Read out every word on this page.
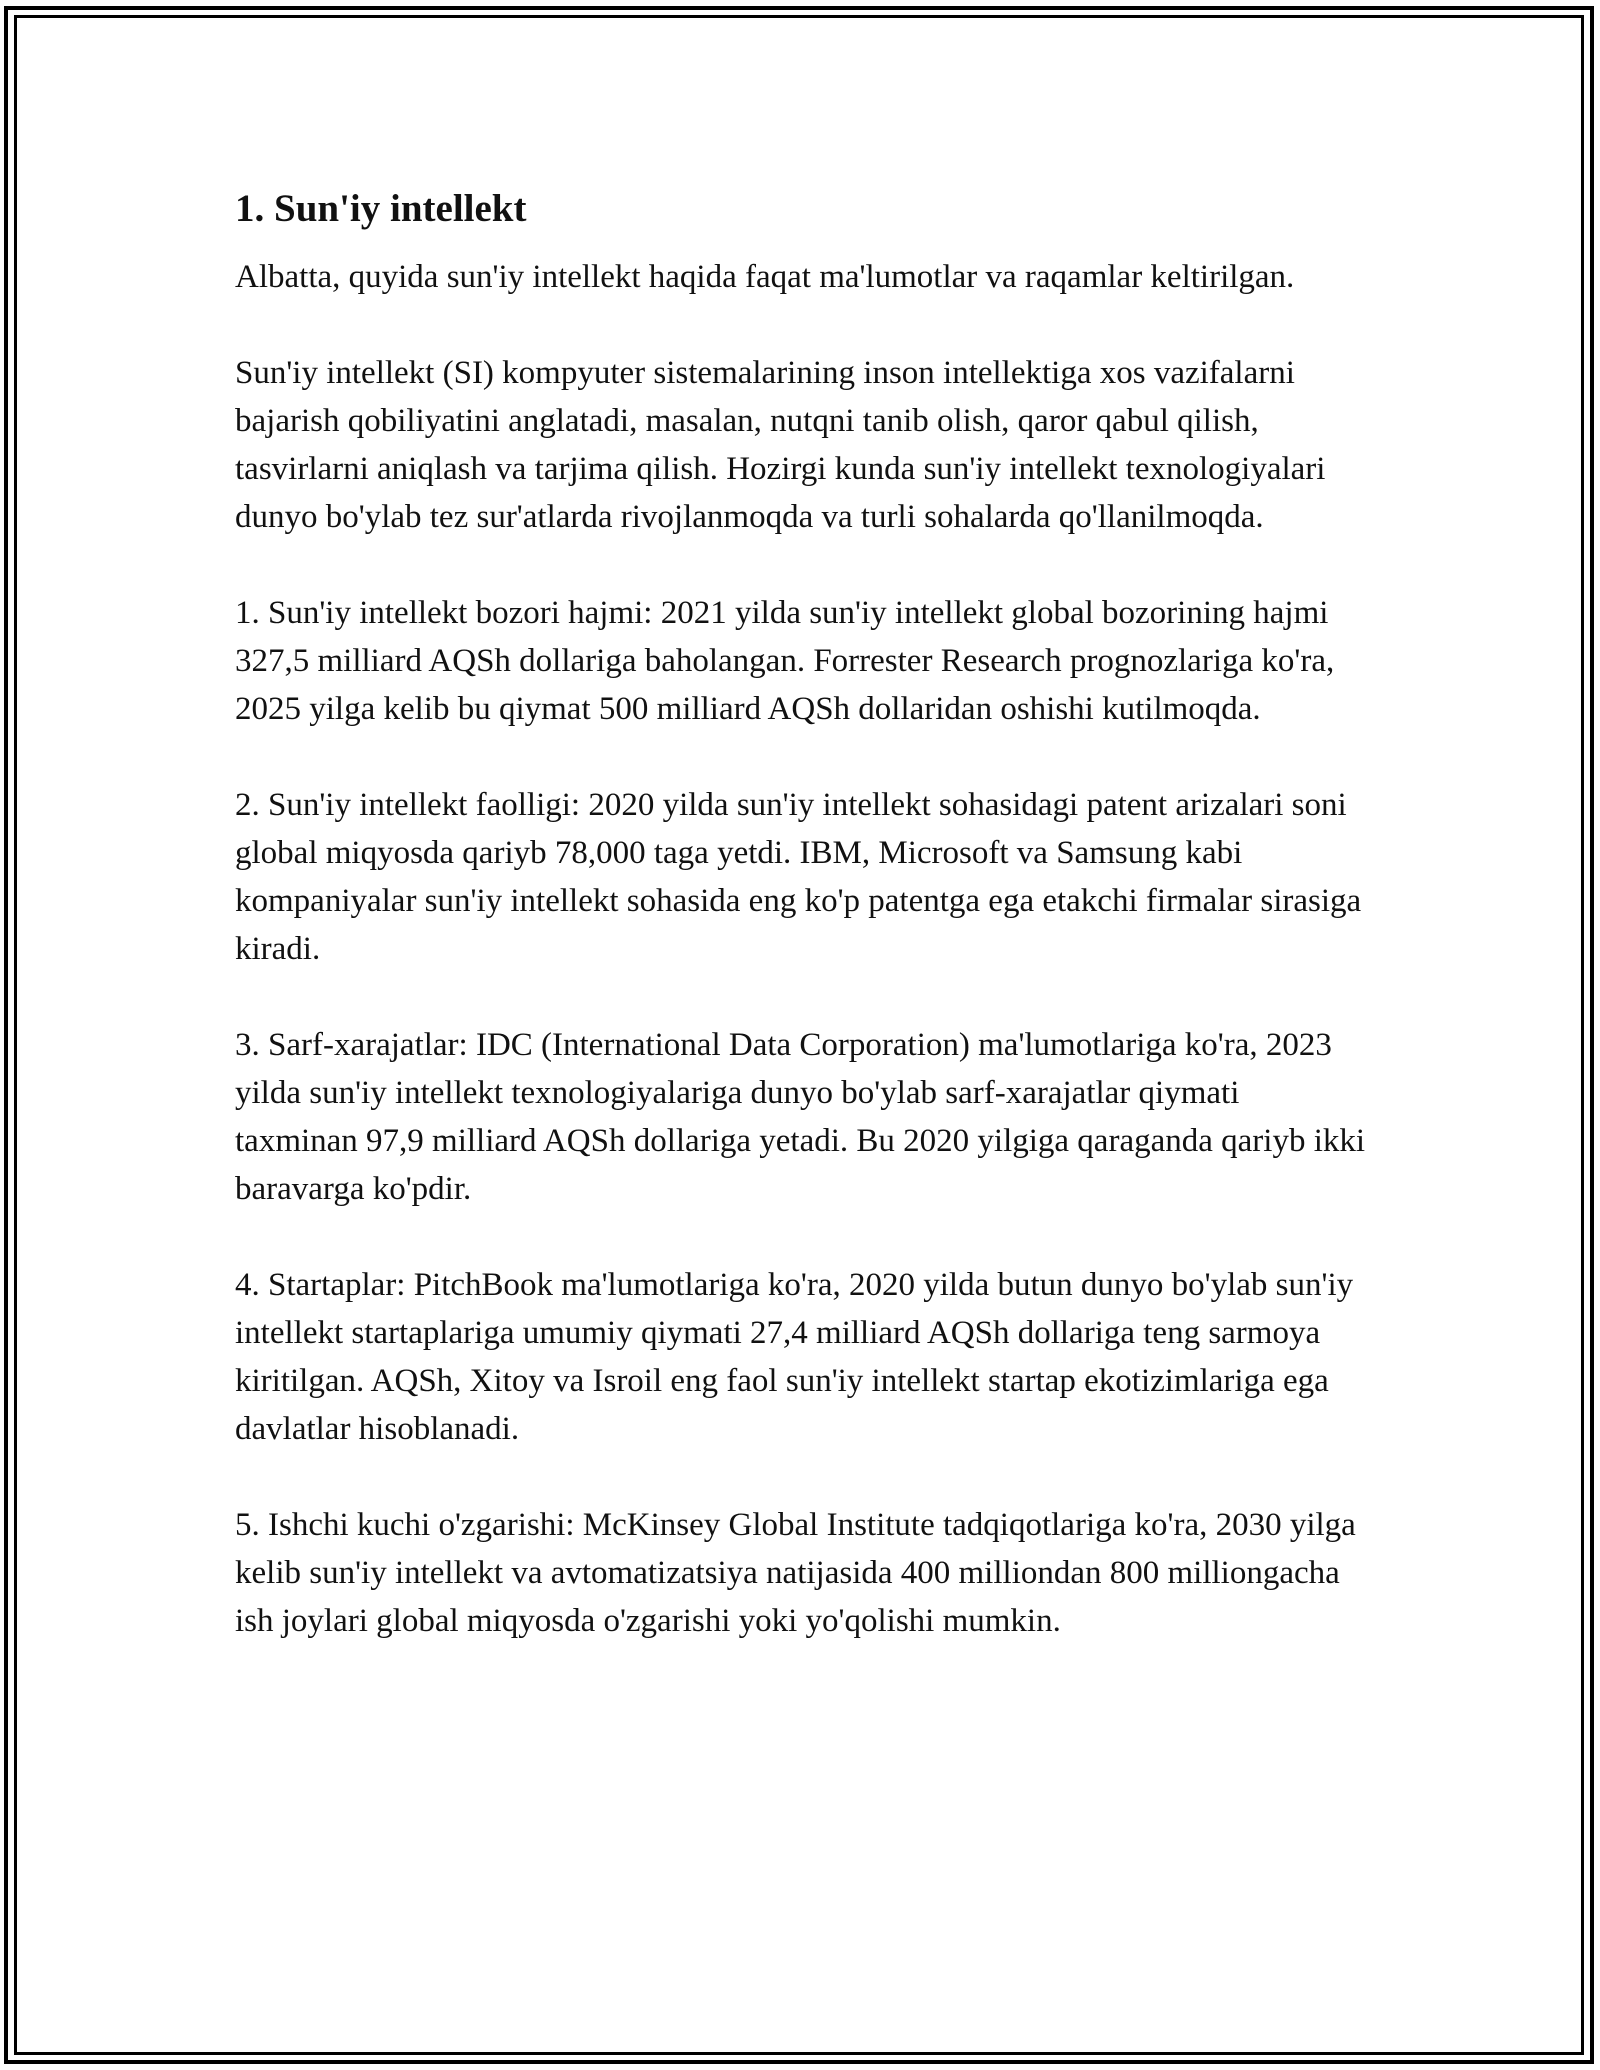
1. Sun'iy intellekt

Albatta, quyida sun'iy intellekt haqida faqat ma'lumotlar va raqamlar keltirilgan.

Sun'iy intellekt (SI) kompyuter sistemalarining inson intellektiga xos vazifalarni bajarish qobiliyatini anglatadi, masalan, nutqni tanib olish, qaror qabul qilish, tasvirlarni aniqlash va tarjima qilish. Hozirgi kunda sun'iy intellekt texnologiyalari dunyo bo'ylab tez sur'atlarda rivojlanmoqda va turli sohalarda qo'llanilmoqda.

1. Sun'iy intellekt bozori hajmi: 2021 yilda sun'iy intellekt global bozorining hajmi 327,5 milliard AQSh dollariga baholangan. Forrester Research prognozlariga ko'ra, 2025 yilga kelib bu qiymat 500 milliard AQSh dollaridan oshishi kutilmoqda.

2. Sun'iy intellekt faolligi: 2020 yilda sun'iy intellekt sohasidagi patent arizalari soni global miqyosda qariyb 78,000 taga yetdi. IBM, Microsoft va Samsung kabi kompaniyalar sun'iy intellekt sohasida eng ko'p patentga ega etakchi firmalar sirasiga kiradi.

3. Sarf-xarajatlar: IDC (International Data Corporation) ma'lumotlariga ko'ra, 2023 yilda sun'iy intellekt texnologiyalariga dunyo bo'ylab sarf-xarajatlar qiymati taxminan 97,9 milliard AQSh dollariga yetadi. Bu 2020 yilgiga qaraganda qariyb ikki baravarga ko'pdir.

4. Startaplar: PitchBook ma'lumotlariga ko'ra, 2020 yilda butun dunyo bo'ylab sun'iy intellekt startaplariga umumiy qiymati 27,4 milliard AQSh dollariga teng sarmoya kiritilgan. AQSh, Xitoy va Isroil eng faol sun'iy intellekt startap ekotizimlariga ega davlatlar hisoblanadi.

5. Ishchi kuchi o'zgarishi: McKinsey Global Institute tadqiqotlariga ko'ra, 2030 yilga kelib sun'iy intellekt va avtomatizatsiya natijasida 400 milliondan 800 milliongacha ish joylari global miqyosda o'zgarishi yoki yo'qolishi mumkin.
